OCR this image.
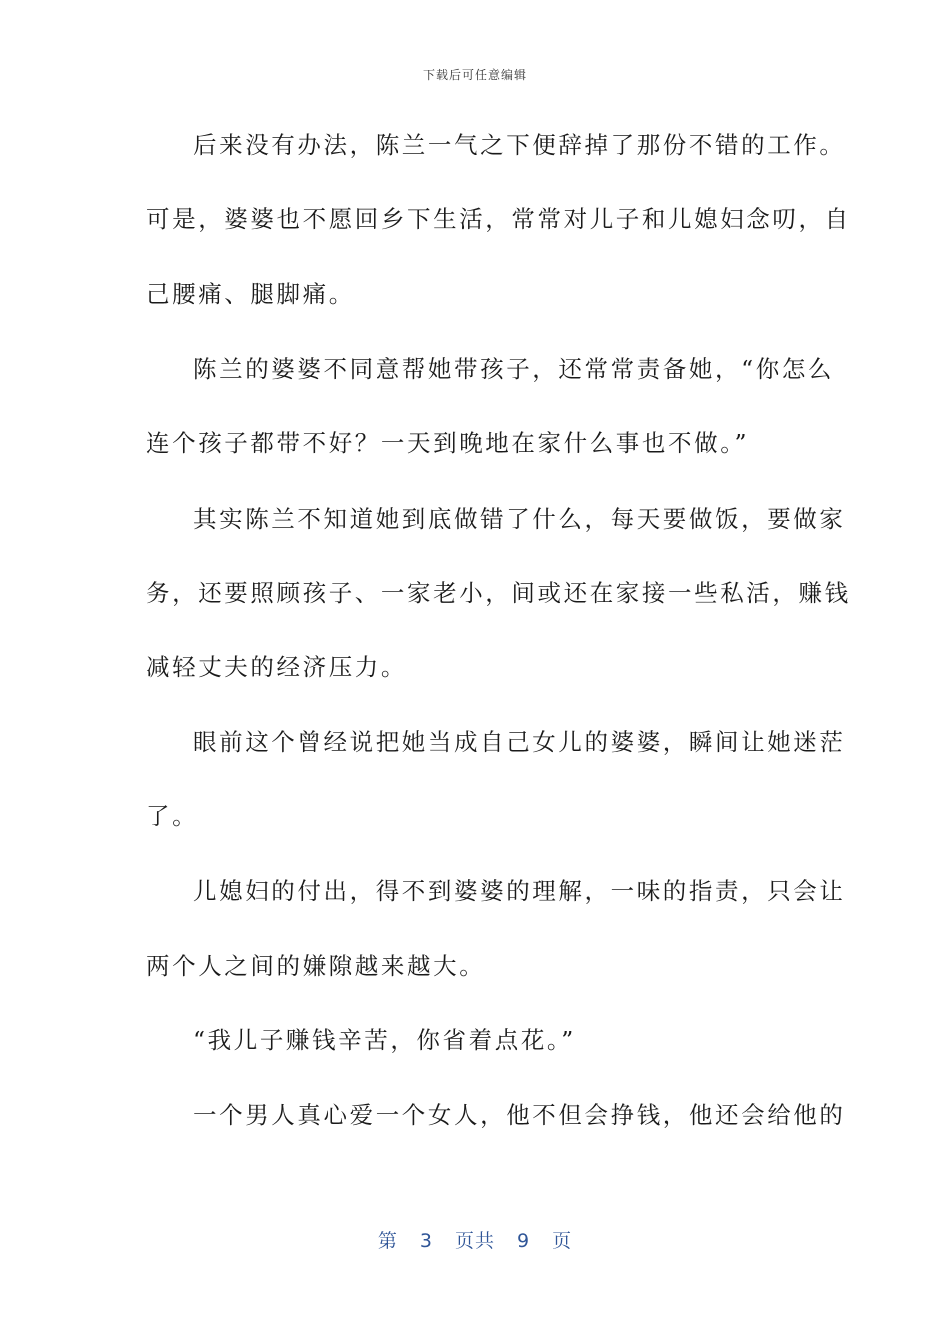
下载后可任意编辑
后来没有办法，陈兰一气之下便辞掉了那份不错的工作。
可是，婆婆也不愿回乡下生活，常常对儿子和儿媳妇念叨，自
己腰痛、腿脚痛。
陈兰的婆婆不同意帮她带孩子，还常常责备她，“你怎么
连个孩子都带不好？一天到晚地在家什么事也不做。”
其实陈兰不知道她到底做错了什么，每天要做饭，要做家
务，还要照顾孩子、一家老小，间或还在家接一些私活，赚钱
减轻丈夫的经济压力。
眼前这个曾经说把她当成自己女儿的婆婆，瞬间让她迷茫
了。
儿媳妇的付出，得不到婆婆的理解，一味的指责，只会让
两个人之间的嫌隙越来越大。
“我儿子赚钱辛苦，你省着点花。”
一个男人真心爱一个女人，他不但会挣钱，他还会给他的
第 3 页共 9 页
